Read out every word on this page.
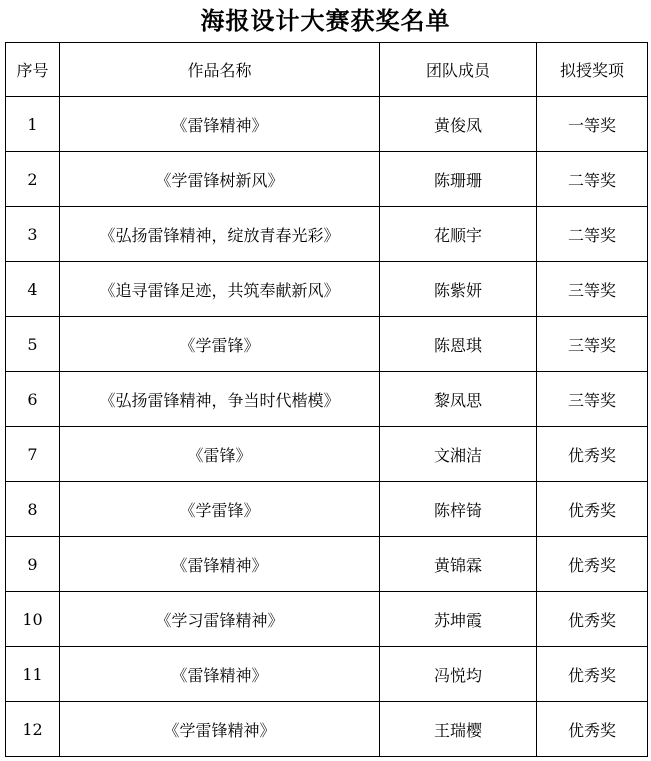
海报设计大赛获奖名单
序号	作品名称	团队成员	拟授奖项
1	《雷锋精神》	黄俊凤	一等奖
2	《学雷锋树新风》	陈珊珊	二等奖
3	《弘扬雷锋精神，绽放青春光彩》	花顺宇	二等奖
4	《追寻雷锋足迹，共筑奉献新风》	陈紫妍	三等奖
5	《学雷锋》	陈恩琪	三等奖
6	《弘扬雷锋精神，争当时代楷模》	黎凤思	三等奖
7	《雷锋》	文湘洁	优秀奖
8	《学雷锋》	陈梓锜	优秀奖
9	《雷锋精神》	黄锦霖	优秀奖
10	《学习雷锋精神》	苏坤霞	优秀奖
11	《雷锋精神》	冯悦均	优秀奖
12	《学雷锋精神》	王瑞樱	优秀奖
